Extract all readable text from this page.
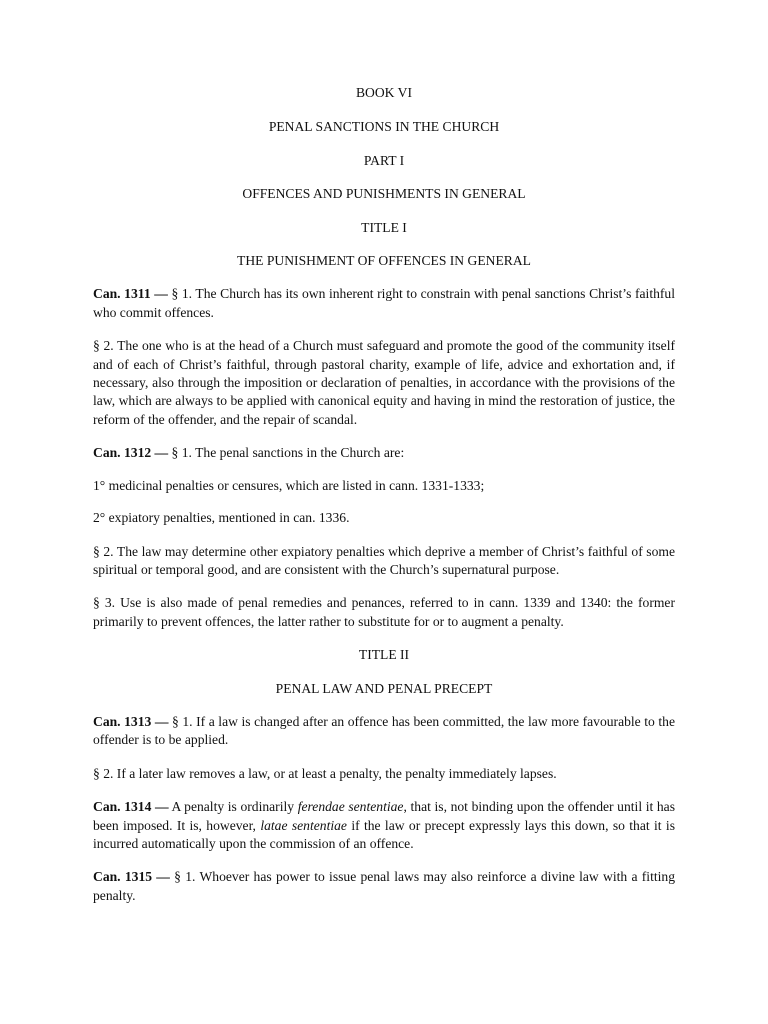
BOOK VI
PENAL SANCTIONS IN THE CHURCH
PART I
OFFENCES AND PUNISHMENTS IN GENERAL
TITLE I
THE PUNISHMENT OF OFFENCES IN GENERAL

Can. 1311 — § 1. The Church has its own inherent right to constrain with penal sanctions Christ’s faithful who commit offences.

§ 2. The one who is at the head of a Church must safeguard and promote the good of the community itself and of each of Christ’s faithful, through pastoral charity, example of life, advice and exhortation and, if necessary, also through the imposition or declaration of penalties, in accordance with the provisions of the law, which are always to be applied with canonical equity and having in mind the restoration of justice, the reform of the offender, and the repair of scandal.

Can. 1312 — § 1. The penal sanctions in the Church are:

1° medicinal penalties or censures, which are listed in cann. 1331-1333;

2° expiatory penalties, mentioned in can. 1336.

§ 2. The law may determine other expiatory penalties which deprive a member of Christ’s faithful of some spiritual or temporal good, and are consistent with the Church’s supernatural purpose.

§ 3. Use is also made of penal remedies and penances, referred to in cann. 1339 and 1340: the former primarily to prevent offences, the latter rather to substitute for or to augment a penalty.

TITLE II
PENAL LAW AND PENAL PRECEPT

Can. 1313 — § 1. If a law is changed after an offence has been committed, the law more favourable to the offender is to be applied.

§ 2. If a later law removes a law, or at least a penalty, the penalty immediately lapses.

Can. 1314 — A penalty is ordinarily ferendae sententiae, that is, not binding upon the offender until it has been imposed. It is, however, latae sententiae if the law or precept expressly lays this down, so that it is incurred automatically upon the commission of an offence.

Can. 1315 — § 1. Whoever has power to issue penal laws may also reinforce a divine law with a fitting penalty.
